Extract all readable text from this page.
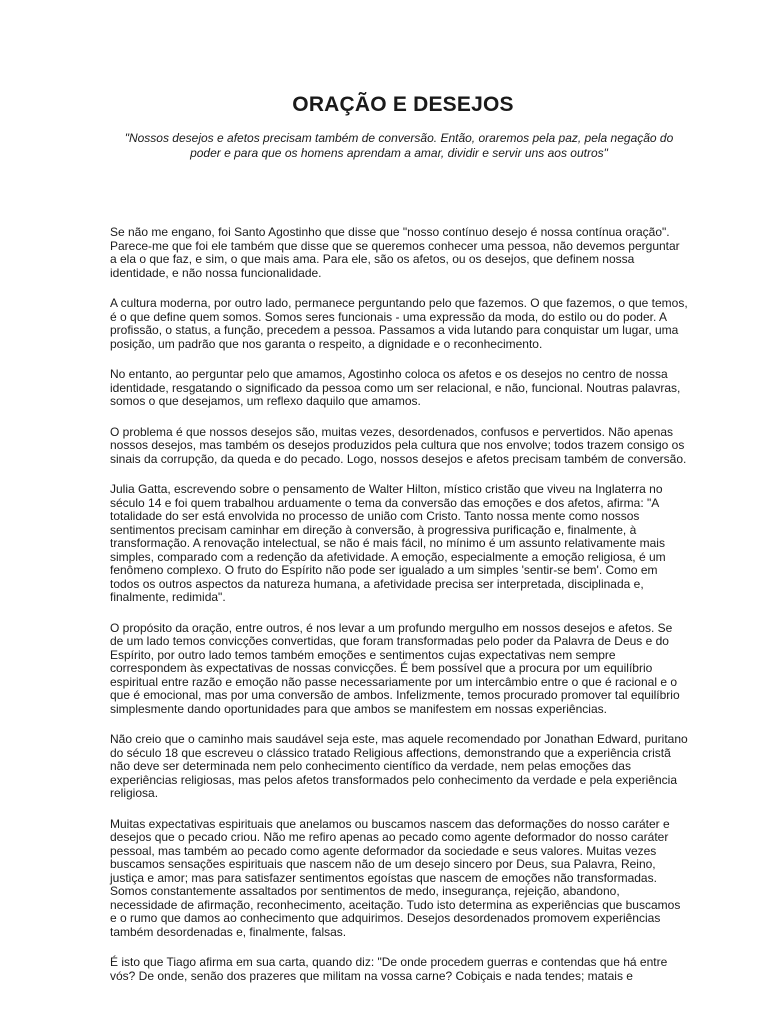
ORAÇÃO E DESEJOS

"Nossos desejos e afetos precisam também de conversão. Então, oraremos pela paz, pela negação do poder e para que os homens aprendam a amar, dividir e servir uns aos outros"

Se não me engano, foi Santo Agostinho que disse que "nosso contínuo desejo é nossa contínua oração". Parece-me que foi ele também que disse que se queremos conhecer uma pessoa, não devemos perguntar a ela o que faz, e sim, o que mais ama. Para ele, são os afetos, ou os desejos, que definem nossa identidade, e não nossa funcionalidade.

A cultura moderna, por outro lado, permanece perguntando pelo que fazemos. O que fazemos, o que temos, é o que define quem somos. Somos seres funcionais - uma expressão da moda, do estilo ou do poder. A profissão, o status, a função, precedem a pessoa. Passamos a vida lutando para conquistar um lugar, uma posição, um padrão que nos garanta o respeito, a dignidade e o reconhecimento.

No entanto, ao perguntar pelo que amamos, Agostinho coloca os afetos e os desejos no centro de nossa identidade, resgatando o significado da pessoa como um ser relacional, e não, funcional. Noutras palavras, somos o que desejamos, um reflexo daquilo que amamos.

O problema é que nossos desejos são, muitas vezes, desordenados, confusos e pervertidos. Não apenas nossos desejos, mas também os desejos produzidos pela cultura que nos envolve; todos trazem consigo os sinais da corrupção, da queda e do pecado. Logo, nossos desejos e afetos precisam também de conversão.

Julia Gatta, escrevendo sobre o pensamento de Walter Hilton, místico cristão que viveu na Inglaterra no século 14 e foi quem trabalhou arduamente o tema da conversão das emoções e dos afetos, afirma: "A totalidade do ser está envolvida no processo de união com Cristo. Tanto nossa mente como nossos sentimentos precisam caminhar em direção à conversão, à progressiva purificação e, finalmente, à transformação. A renovação intelectual, se não é mais fácil, no mínimo é um assunto relativamente mais simples, comparado com a redenção da afetividade. A emoção, especialmente a emoção religiosa, é um fenômeno complexo. O fruto do Espírito não pode ser igualado a um simples 'sentir-se bem'. Como em todos os outros aspectos da natureza humana, a afetividade precisa ser interpretada, disciplinada e, finalmente, redimida".

O propósito da oração, entre outros, é nos levar a um profundo mergulho em nossos desejos e afetos. Se de um lado temos convicções convertidas, que foram transformadas pelo poder da Palavra de Deus e do Espírito, por outro lado temos também emoções e sentimentos cujas expectativas nem sempre correspondem às expectativas de nossas convicções. É bem possível que a procura por um equilíbrio espiritual entre razão e emoção não passe necessariamente por um intercâmbio entre o que é racional e o que é emocional, mas por uma conversão de ambos. Infelizmente, temos procurado promover tal equilíbrio simplesmente dando oportunidades para que ambos se manifestem em nossas experiências.

Não creio que o caminho mais saudável seja este, mas aquele recomendado por Jonathan Edward, puritano do século 18 que escreveu o clássico tratado Religious affections, demonstrando que a experiência cristã não deve ser determinada nem pelo conhecimento científico da verdade, nem pelas emoções das experiências religiosas, mas pelos afetos transformados pelo conhecimento da verdade e pela experiência religiosa.

Muitas expectativas espirituais que anelamos ou buscamos nascem das deformações do nosso caráter e desejos que o pecado criou. Não me refiro apenas ao pecado como agente deformador do nosso caráter pessoal, mas também ao pecado como agente deformador da sociedade e seus valores. Muitas vezes buscamos sensações espirituais que nascem não de um desejo sincero por Deus, sua Palavra, Reino, justiça e amor; mas para satisfazer sentimentos egoístas que nascem de emoções não transformadas. Somos constantemente assaltados por sentimentos de medo, insegurança, rejeição, abandono, necessidade de afirmação, reconhecimento, aceitação. Tudo isto determina as experiências que buscamos e o rumo que damos ao conhecimento que adquirimos. Desejos desordenados promovem experiências também desordenadas e, finalmente, falsas.

É isto que Tiago afirma em sua carta, quando diz: "De onde procedem guerras e contendas que há entre vós? De onde, senão dos prazeres que militam na vossa carne? Cobiçais e nada tendes; matais e
